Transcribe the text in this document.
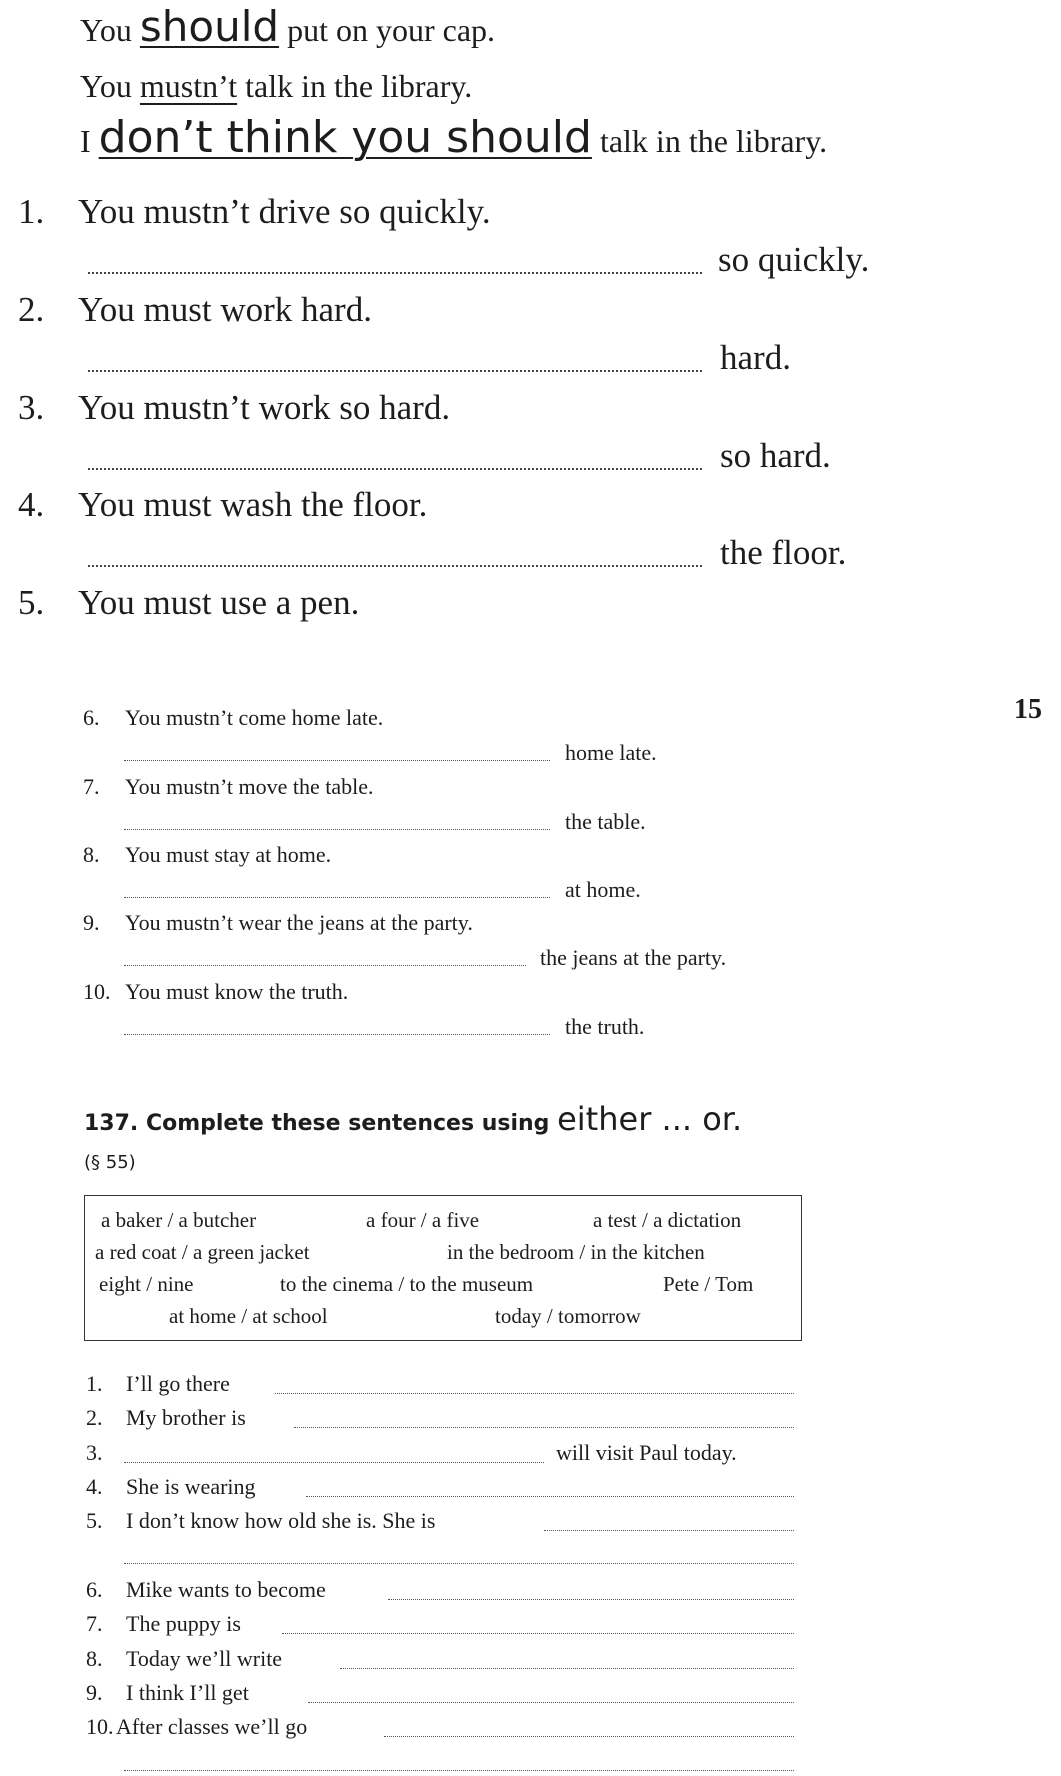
You should put on your cap.
You mustn’t talk in the library.
I don’t think you should talk in the library.
1. You mustn’t drive so quickly.
so quickly.
2. You must work hard.
hard.
3. You mustn’t work so hard.
so hard.
4. You must wash the floor.
the floor.
5. You must use a pen.
15
6. You mustn’t come home late.
home late.
7. You mustn’t move the table.
the table.
8. You must stay at home.
at home.
9. You mustn’t wear the jeans at the party.
the jeans at the party.
10. You must know the truth.
the truth.
137. Complete these sentences using either ... or.
(§ 55)
a baker / a butcher	a four / a five	a test / a dictation
a red coat / a green jacket	in the bedroom / in the kitchen
eight / nine	to the cinema / to the museum	Pete / Tom
at home / at school	today / tomorrow
1. I’ll go there
2. My brother is
3.	will visit Paul today.
4. She is wearing
5. I don’t know how old she is. She is
6. Mike wants to become
7. The puppy is
8. Today we’ll write
9. I think I’ll get
10. After classes we’ll go
